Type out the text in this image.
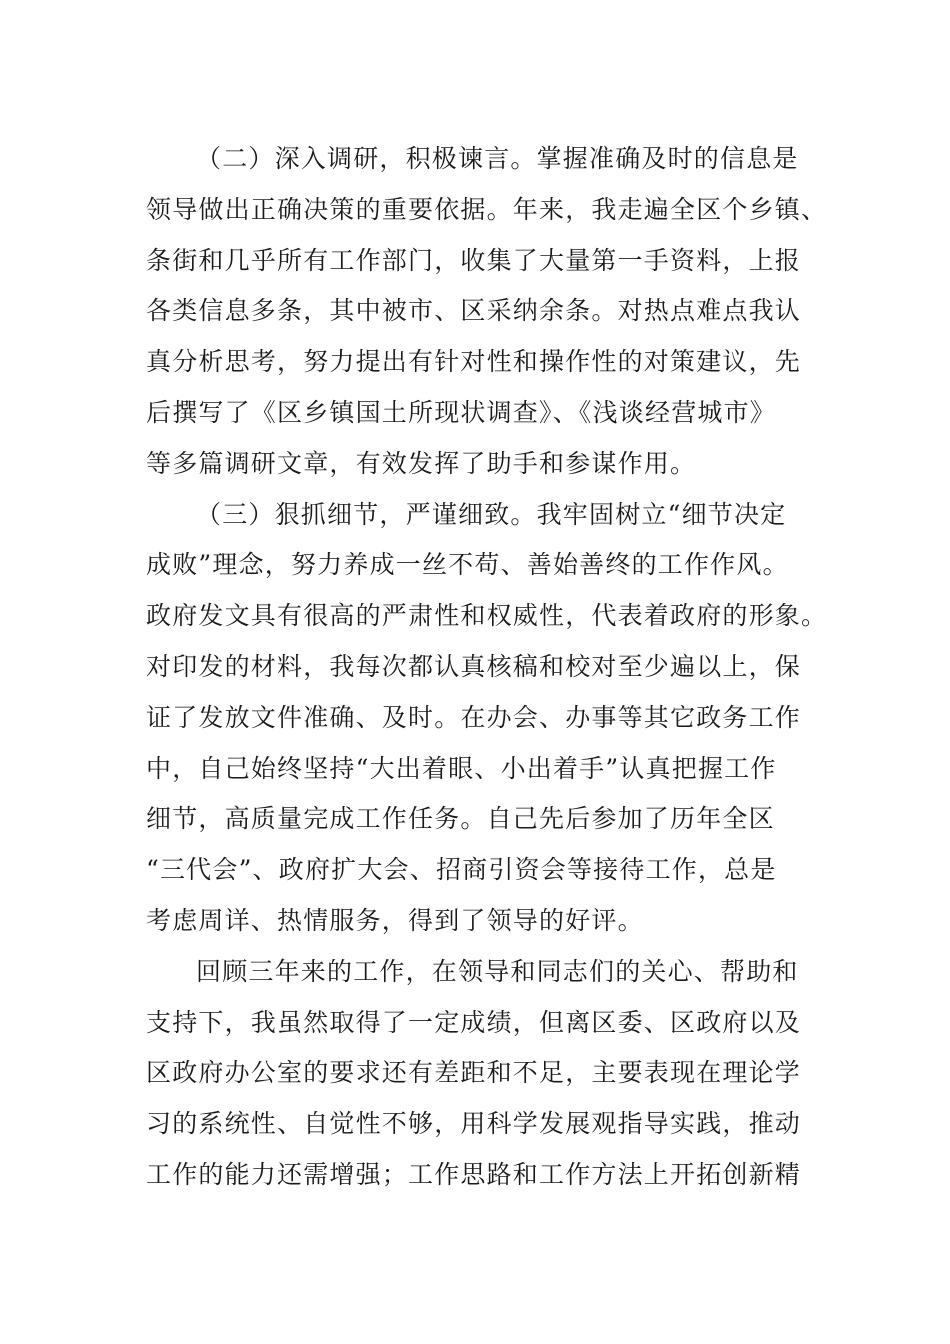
（二）深入调研，积极谏言。掌握准确及时的信息是
领导做出正确决策的重要依据。年来，我走遍全区个乡镇、
条街和几乎所有工作部门，收集了大量第一手资料，上报
各类信息多条，其中被市、区采纳余条。对热点难点我认
真分析思考，努力提出有针对性和操作性的对策建议，先
后撰写了《区乡镇国土所现状调查》、《浅谈经营城市》
等多篇调研文章，有效发挥了助手和参谋作用。
（三）狠抓细节，严谨细致。我牢固树立“细节决定
成败”理念，努力养成一丝不苟、善始善终的工作作风。
政府发文具有很高的严肃性和权威性，代表着政府的形象。
对印发的材料，我每次都认真核稿和校对至少遍以上，保
证了发放文件准确、及时。在办会、办事等其它政务工作
中，自己始终坚持“大出着眼、小出着手”认真把握工作
细节，高质量完成工作任务。自己先后参加了历年全区
“三代会”、政府扩大会、招商引资会等接待工作，总是
考虑周详、热情服务，得到了领导的好评。
回顾三年来的工作，在领导和同志们的关心、帮助和
支持下，我虽然取得了一定成绩，但离区委、区政府以及
区政府办公室的要求还有差距和不足，主要表现在理论学
习的系统性、自觉性不够，用科学发展观指导实践，推动
工作的能力还需增强；工作思路和工作方法上开拓创新精
